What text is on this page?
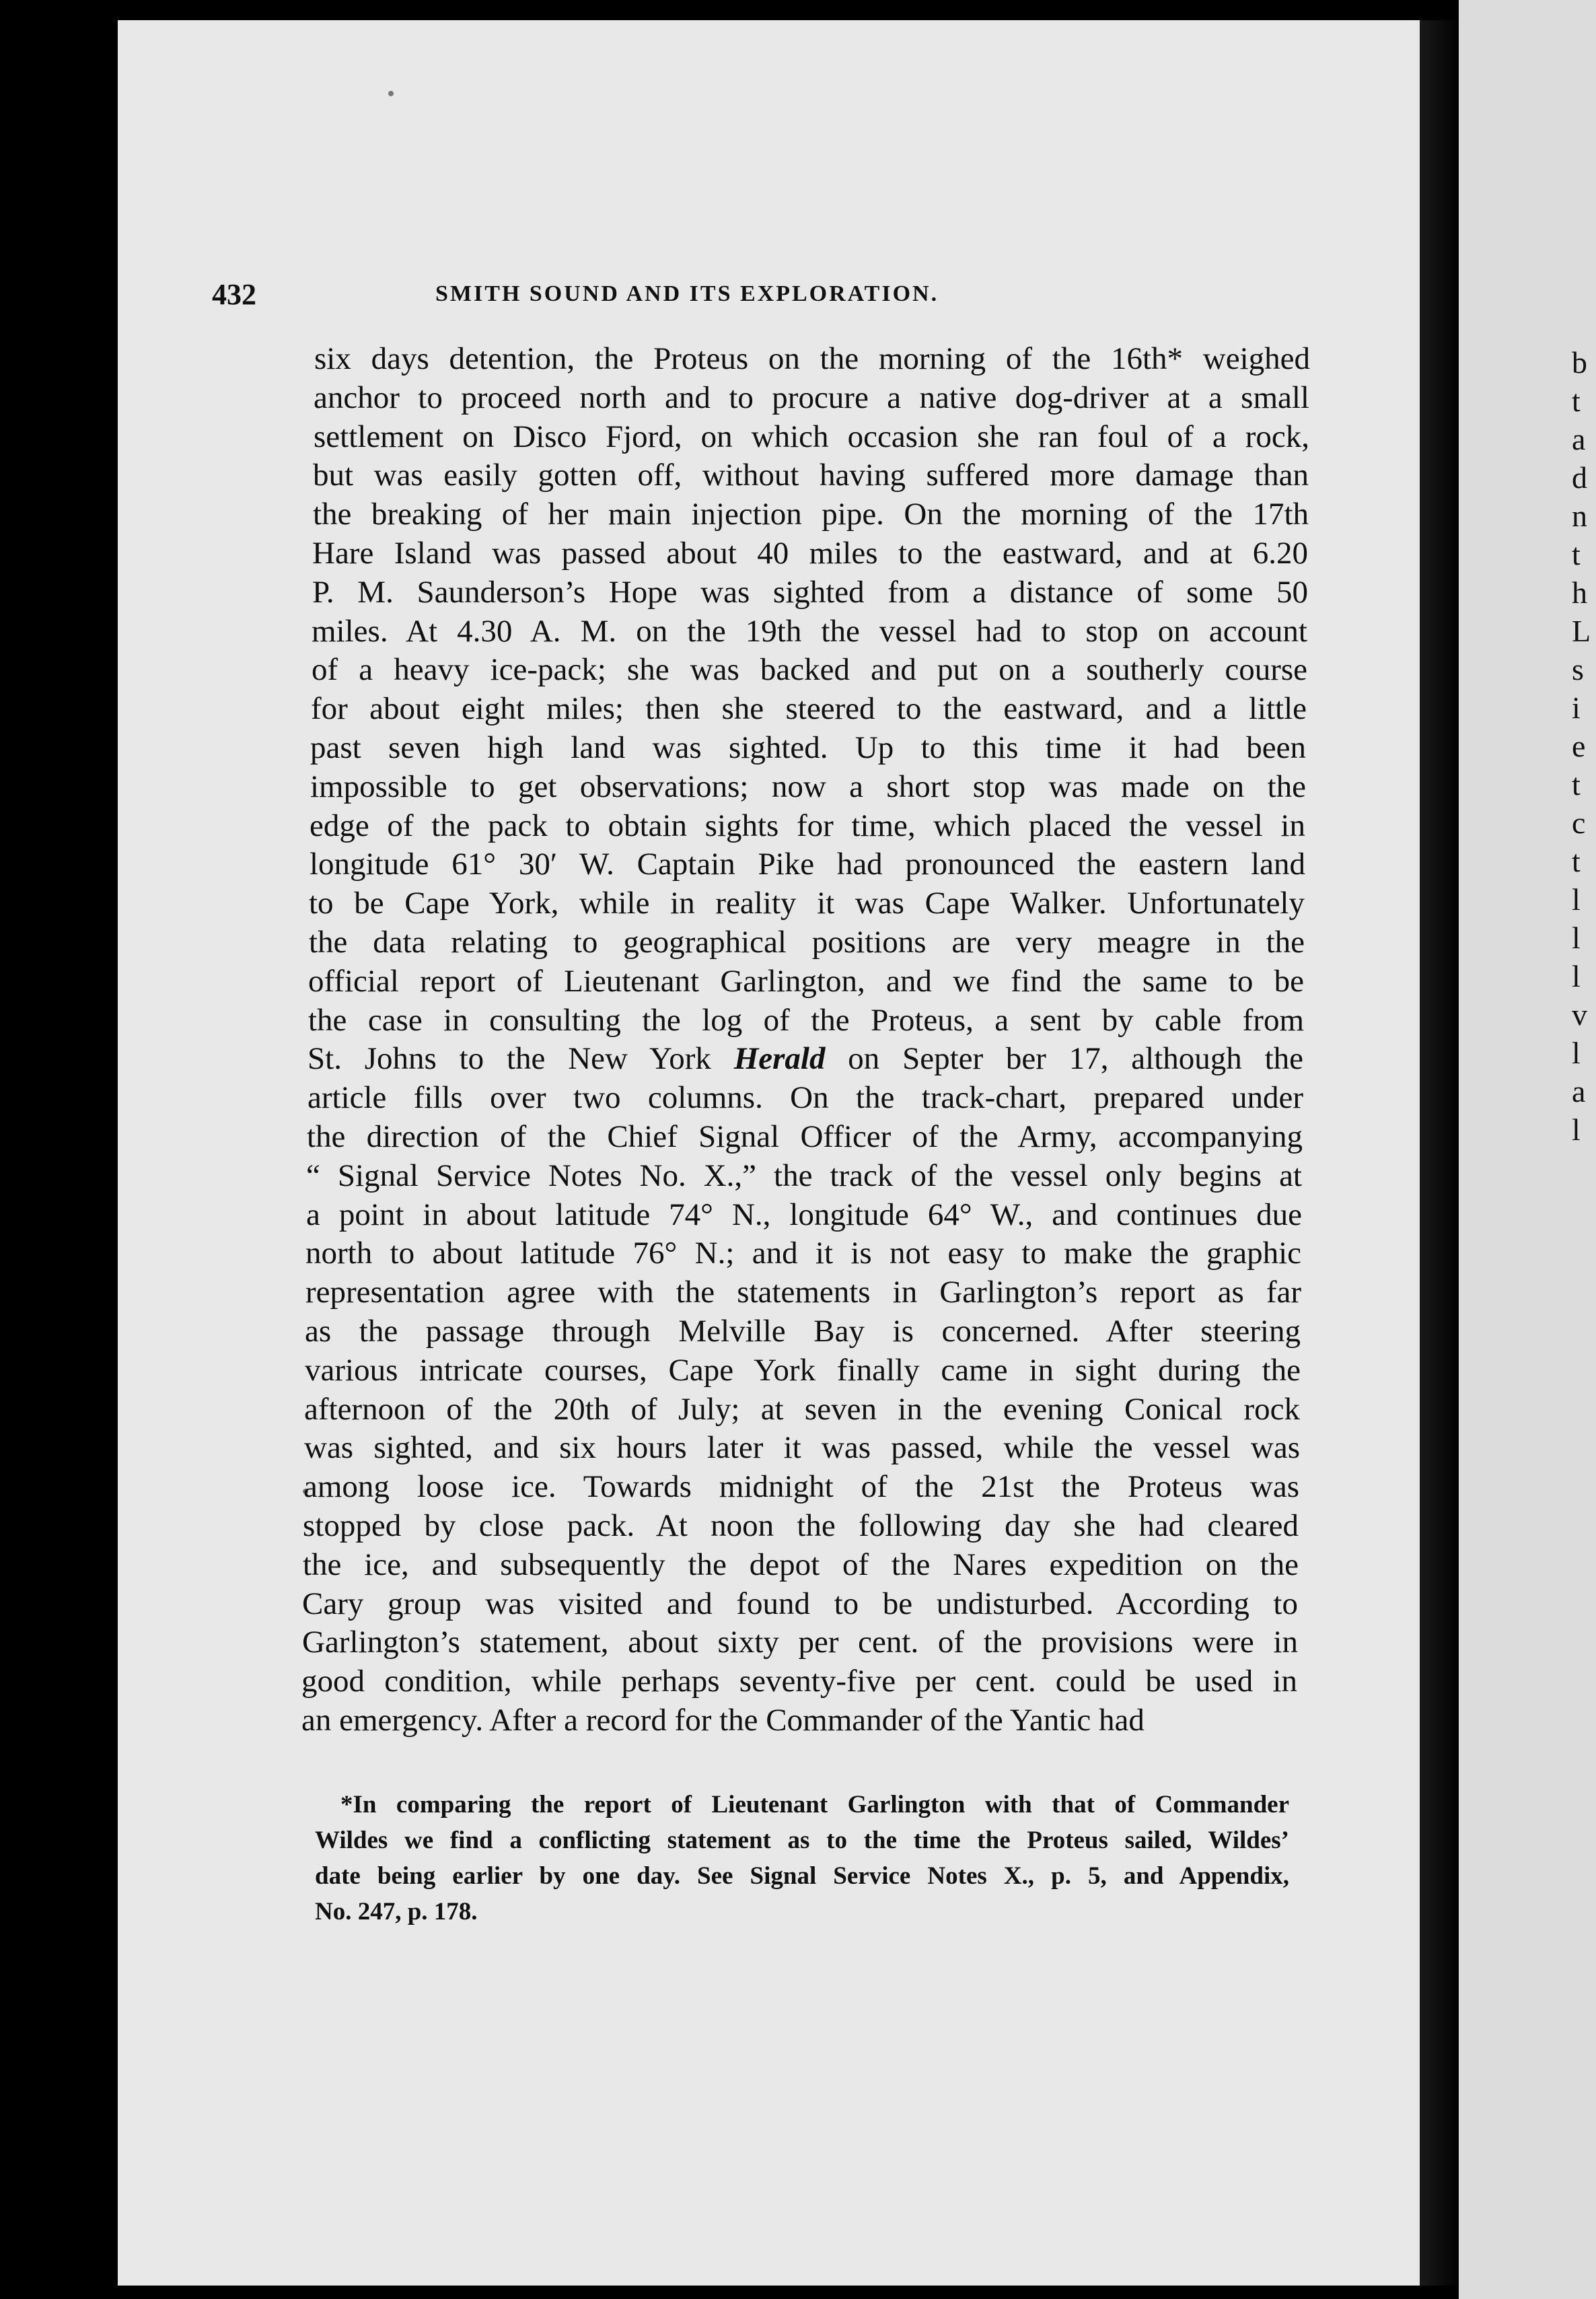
b
t
a
d
n
t
h
L
s
i
e
t
c
t
l
l
l
v
l
a
l
432	SMITH SOUND AND ITS EXPLORATION.
six days detention, the Proteus on the morning of the 16th* weighed
anchor to proceed north and to procure a native dog-driver at a small
settlement on Disco Fjord, on which occasion she ran foul of a rock,
but was easily gotten off, without having suffered more damage than
the breaking of her main injection pipe. On the morning of the 17th
Hare Island was passed about 40 miles to the eastward, and at 6.20
P. M. Saunderson’s Hope was sighted from a distance of some 50
miles. At 4.30 A. M. on the 19th the vessel had to stop on account
of a heavy ice-pack; she was backed and put on a southerly course
for about eight miles; then she steered to the eastward, and a little
past seven high land was sighted. Up to this time it had been
impossible to get observations; now a short stop was made on the
edge of the pack to obtain sights for time, which placed the vessel in
longitude 61° 30′ W. Captain Pike had pronounced the eastern land
to be Cape York, while in reality it was Cape Walker. Unfortunately
the data relating to geographical positions are very meagre in the
official report of Lieutenant Garlington, and we find the same to be
the case in consulting the log of the Proteus, a sent by cable from
St. Johns to the New York Herald on Septer ber 17, although the
article fills over two columns. On the track-chart, prepared under
the direction of the Chief Signal Officer of the Army, accompanying
“ Signal Service Notes No. X.,” the track of the vessel only begins at
a point in about latitude 74° N., longitude 64° W., and continues due
north to about latitude 76° N.; and it is not easy to make the graphic
representation agree with the statements in Garlington’s report as far
as the passage through Melville Bay is concerned. After steering
various intricate courses, Cape York finally came in sight during the
afternoon of the 20th of July; at seven in the evening Conical rock
was sighted, and six hours later it was passed, while the vessel was
among loose ice. Towards midnight of the 21st the Proteus was
stopped by close pack. At noon the following day she had cleared
the ice, and subsequently the depot of the Nares expedition on the
Cary group was visited and found to be undisturbed. According to
Garlington’s statement, about sixty per cent. of the provisions were in
good condition, while perhaps seventy-five per cent. could be used in
an emergency. After a record for the Commander of the Yantic had
*In comparing the report of Lieutenant Garlington with that of Commander
Wildes we find a conflicting statement as to the time the Proteus sailed, Wildes’
date being earlier by one day. See Signal Service Notes X., p. 5, and Appendix,
No. 247, p. 178.
